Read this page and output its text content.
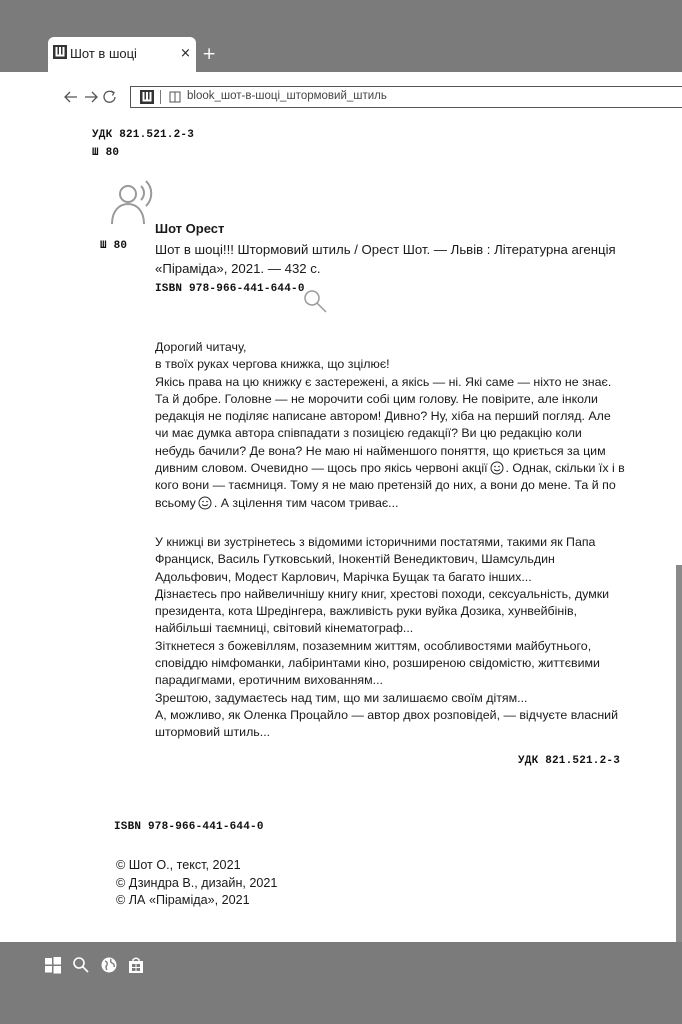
Шот в шоці	× +
blook_шот-в-шоці_штормовий_штиль
УДК 821.521.2-3
Ш 80
Шот Орест
Ш 80 Шот в шоці!!! Штормовий штиль / Орест Шот. — Львів : Літературна агенція «Піраміда», 2021. — 432 с.
ISBN 978-966-441-644-0

Дорогий читачу,

в твоїх руках чергова книжка, що зцілює!

Якісь права на цю книжку є застережені, а якісь — ні. Які саме — ніхто не знає. Та й добре. Головне — не морочити собі цим голову. Не повірите, але інколи редакція не поділяє написане автором! Дивно? Ну, хіба на перший погляд. Але чи має думка автора співпадати з позицією ɾедакції? Ви цю редакцію коли небудь бачили? Де вона? Не маю ні найменшого поняття, що криється за цим дивним словом. Очевидно — щось про якісь червоні акції . Однак, скільки їх і в кого вони — таємниця. Тому я не маю претензій до них, а вони до мене. Та й по всьому . А зцілення тим часом триває...

У книжці ви зустрінетесь з відомими історичними постатями, такими як Папа Франциск, Василь Гутковський, Інокентій Венедиктович, Шамсульдин Адольфович, Модест Карлович, Марічка Бущак та багато інших...

Дізнаєтесь про найвеличнішу книгу книг, хрестові походи, сексуальність, думки президента, кота Шредінгера, важливість руки вуйка Дозика, хунвейбінів, найбільші таємниці, світовий кінематограф...

Зіткнетеся з божевіллям, позаземним життям, особливостями майбутнього, сповіддю німфоманки, лабіринтами кіно, розширеною свідомістю, життєвими парадигмами, еротичним вихованням...

Зрештою, задумаєтесь над тим, що ми залишаємо своїм дітям...

А, можливо, як Оленка Процайло — автор двох розповідей, — відчуєте власний штормовий штиль...

УДК 821.521.2-3
ISBN 978-966-441-644-0
© Шот О., текст, 2021
© Дзиндра В., дизайн, 2021
© ЛА «Піраміда», 2021
